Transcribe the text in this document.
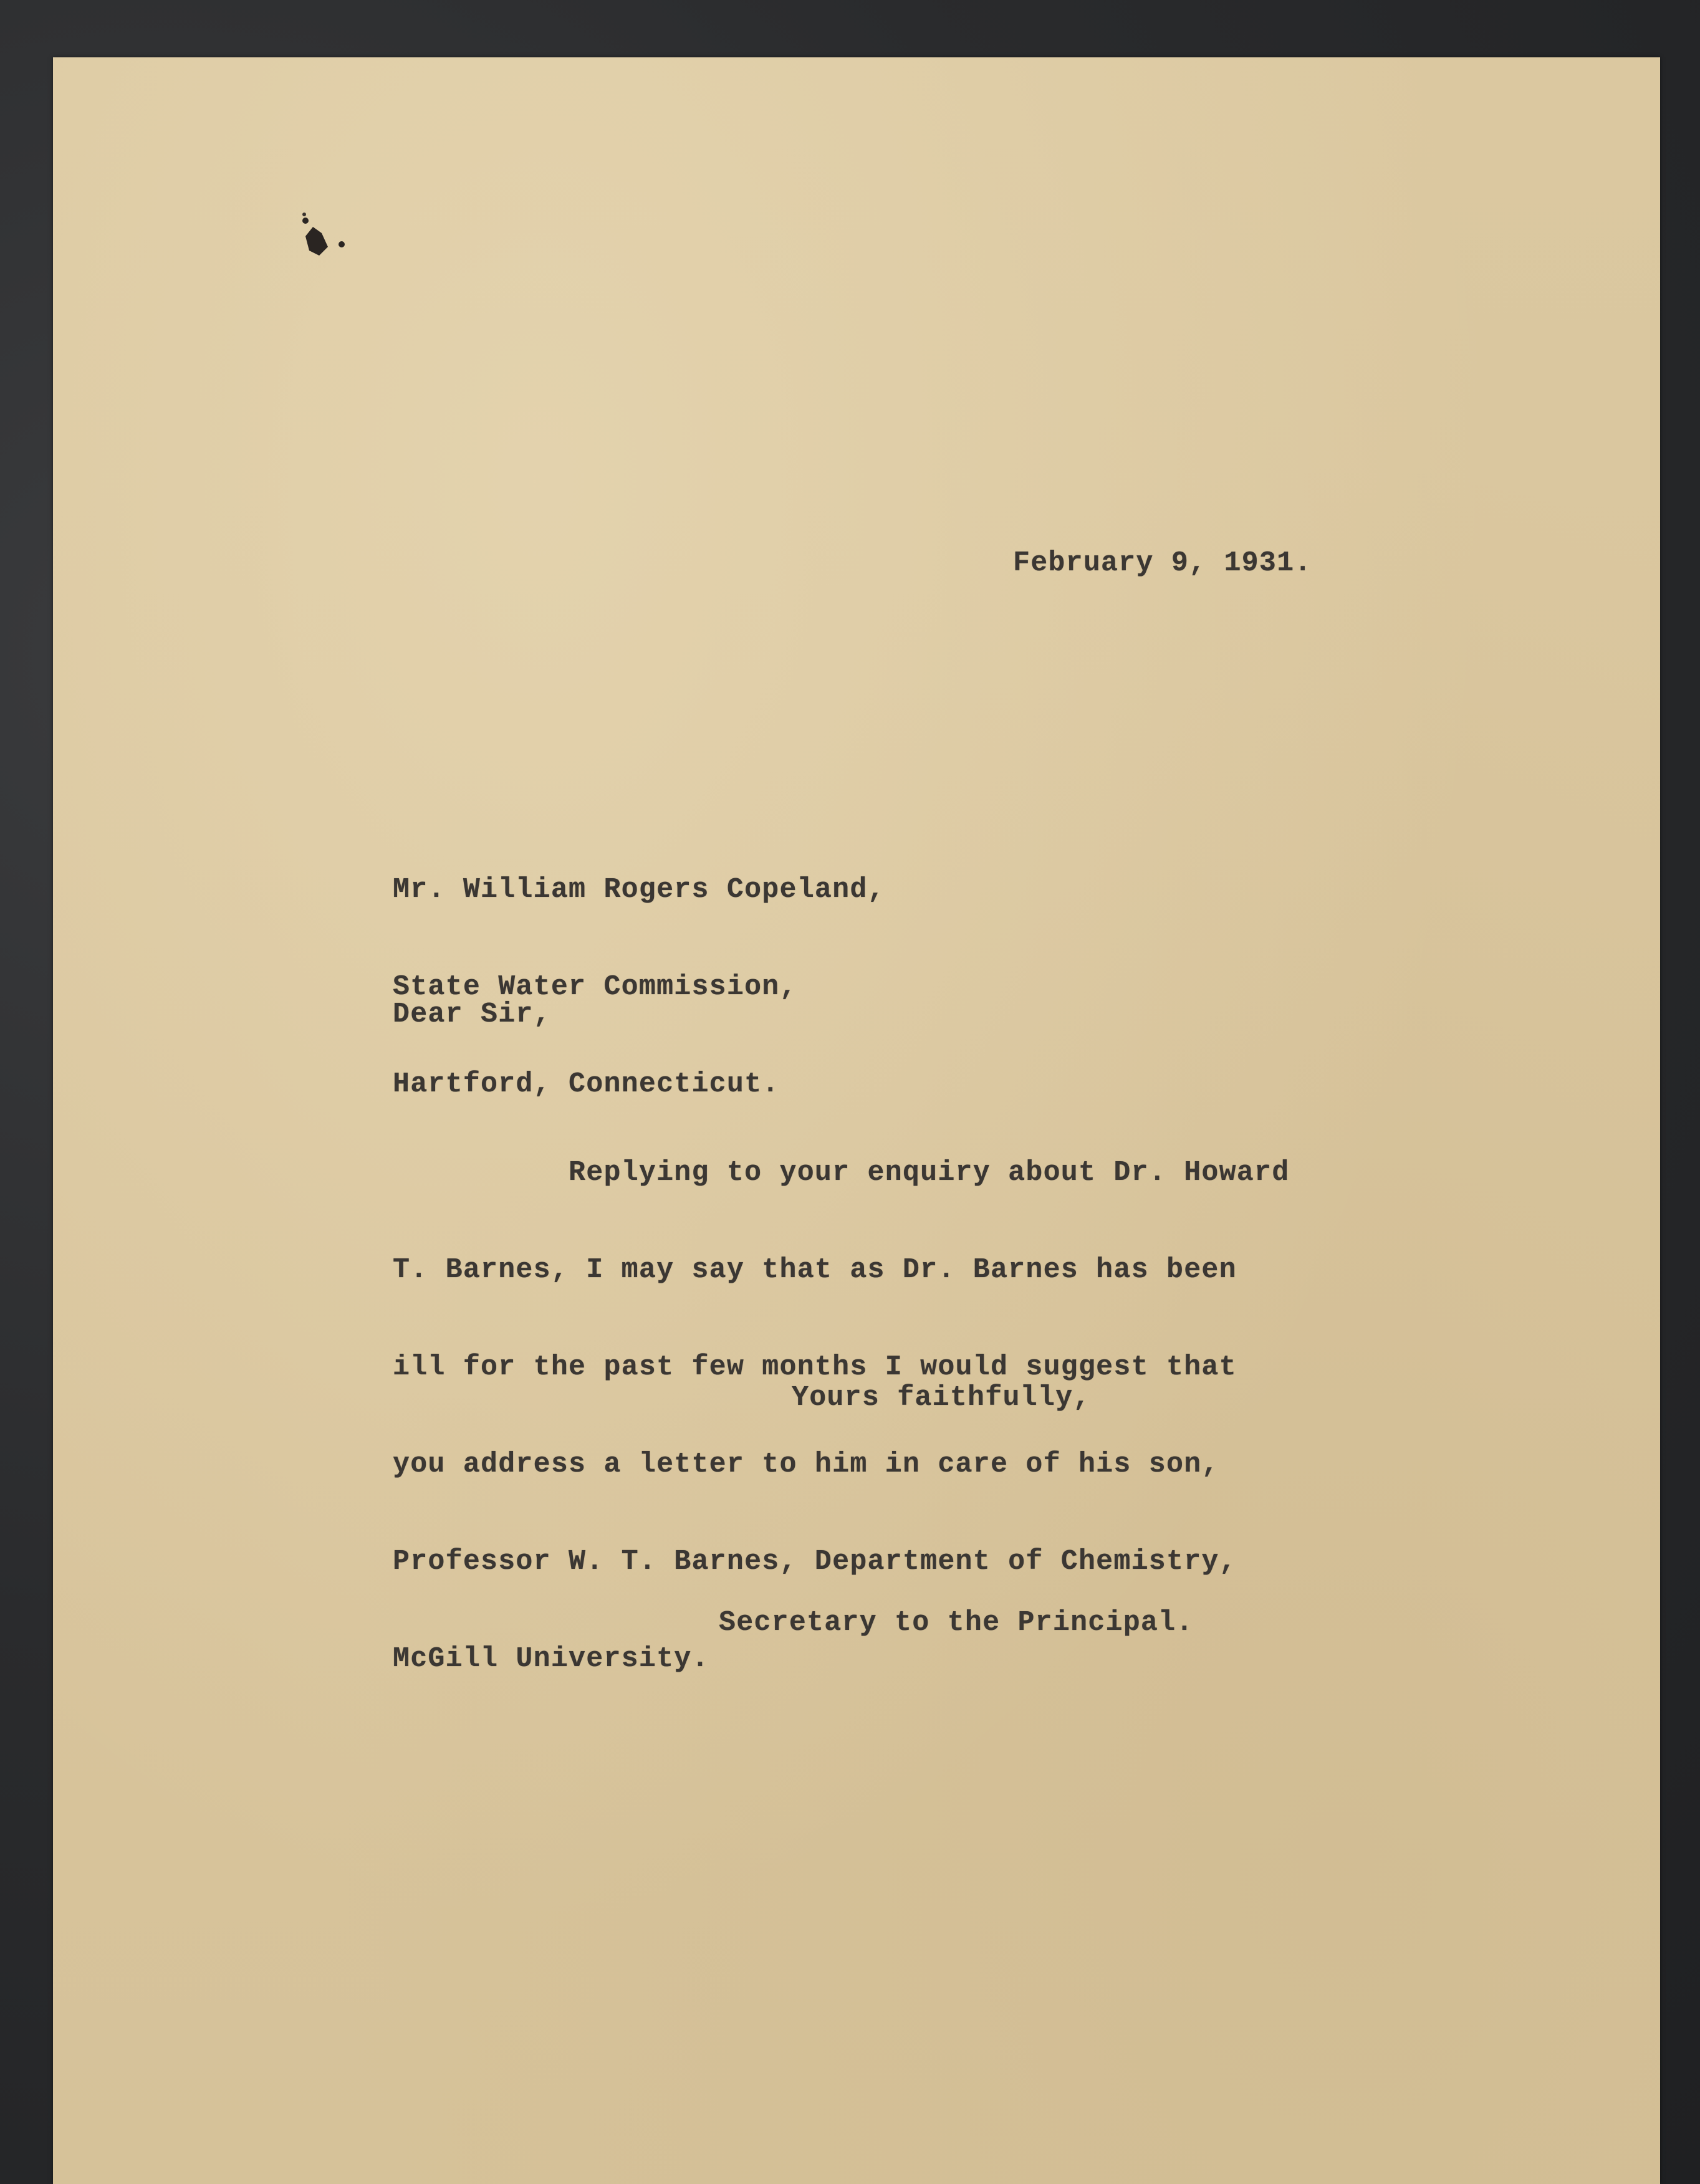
February 9, 1931.

Mr. William Rogers Copeland,

State Water Commission,

Hartford, Connecticut.

Dear Sir,

Replying to your enquiry about Dr. Howard

T. Barnes, I may say that as Dr. Barnes has been

ill for the past few months I would suggest that

you address a letter to him in care of his son,

Professor W. T. Barnes, Department of Chemistry,

McGill University.

Yours faithfully,
Secretary to the Principal.
